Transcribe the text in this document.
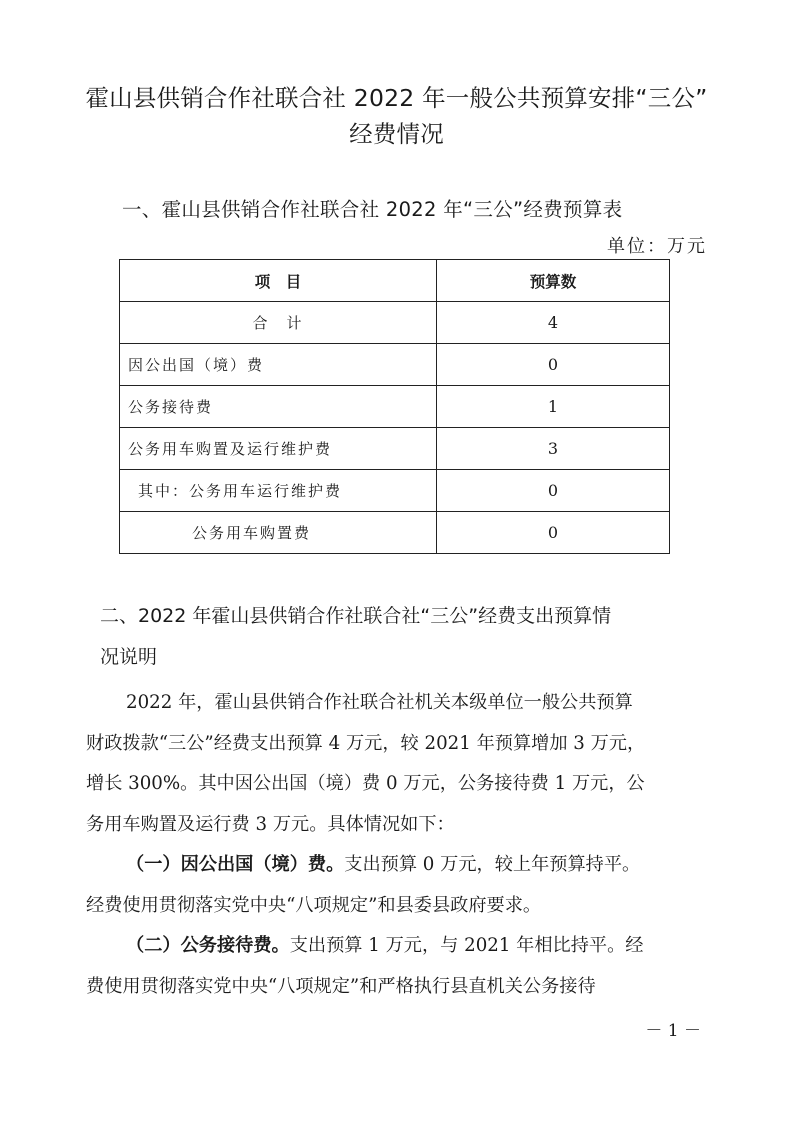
霍山县供销合作社联合社 2022 年一般公共预算安排“三公”
经费情况
一、霍山县供销合作社联合社 2022 年“三公”经费预算表
单位：万元
项　目	预算数
合　计	4
因公出国（境）费	0
公务接待费	1
公务用车购置及运行维护费	3
其中：公务用车运行维护费	0
公务用车购置费	0
二、2022 年霍山县供销合作社联合社“三公”经费支出预算情
况说明
2022 年，霍山县供销合作社联合社机关本级单位一般公共预算
财政拨款“三公”经费支出预算 4 万元，较 2021 年预算增加 3 万元，
增长 300%。其中因公出国（境）费 0 万元，公务接待费 1 万元，公
务用车购置及运行费 3 万元。具体情况如下：
（一）因公出国（境）费。支出预算 0 万元，较上年预算持平。
经费使用贯彻落实党中央“八项规定”和县委县政府要求。
（二）公务接待费。支出预算 1 万元，与 2021 年相比持平。经
费使用贯彻落实党中央“八项规定”和严格执行县直机关公务接待
－ 1 －
